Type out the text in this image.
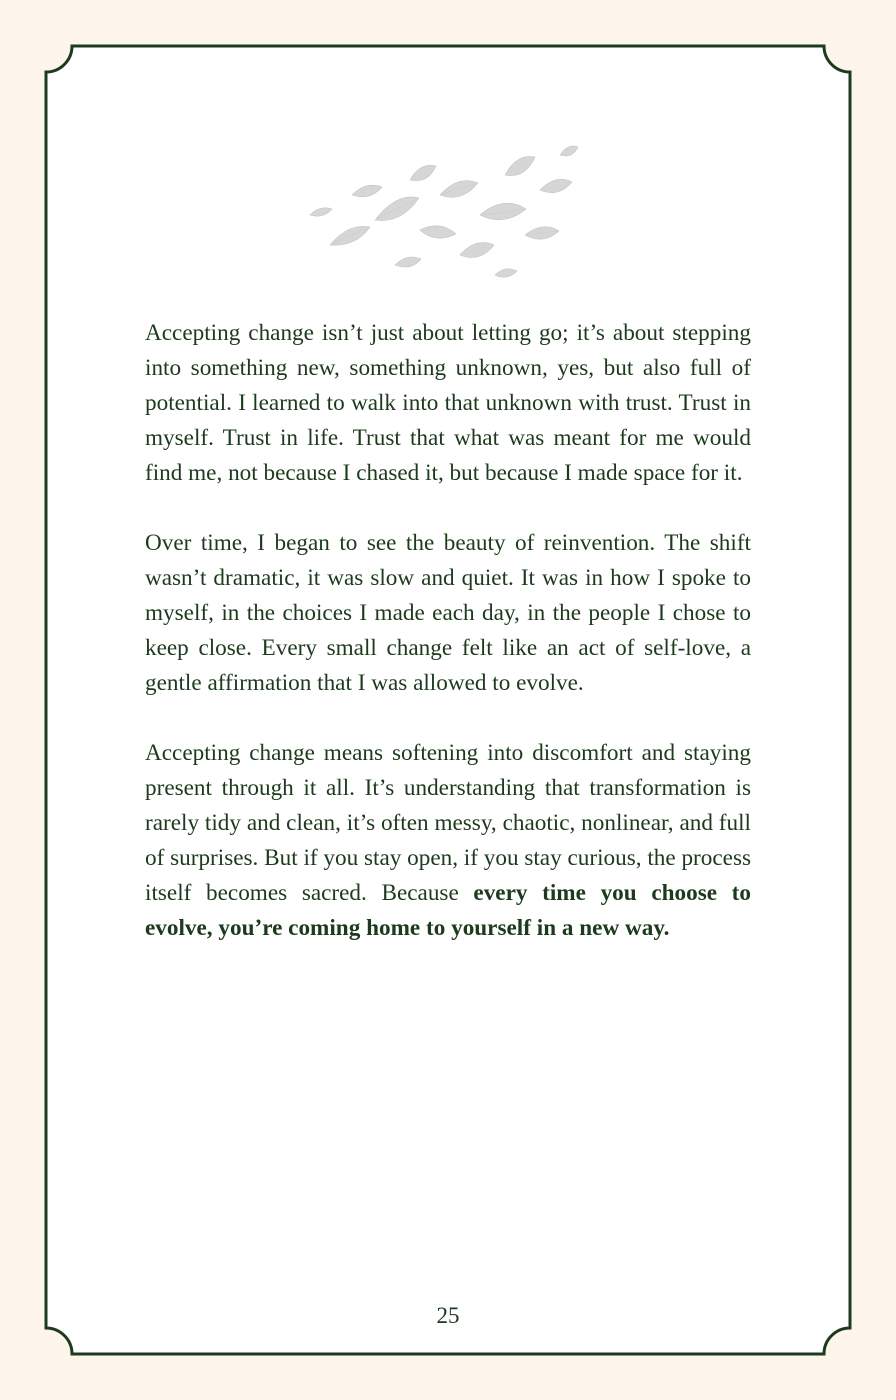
Accepting change isn’t just about letting go; it’s about stepping into something new, something unknown, yes, but also full of potential. I learned to walk into that unknown with trust. Trust in myself. Trust in life. Trust that what was meant for me would find me, not because I chased it, but because I made space for it.

Over time, I began to see the beauty of reinvention. The shift wasn’t dramatic, it was slow and quiet. It was in how I spoke to myself, in the choices I made each day, in the people I chose to keep close. Every small change felt like an act of self-love, a gentle affirmation that I was allowed to evolve.

Accepting change means softening into discomfort and staying present through it all. It’s understanding that transformation is rarely tidy and clean, it’s often messy, chaotic, nonlinear, and full of surprises. But if you stay open, if you stay curious, the process itself becomes sacred. Because every time you choose to evolve, you’re coming home to yourself in a new way.

25
